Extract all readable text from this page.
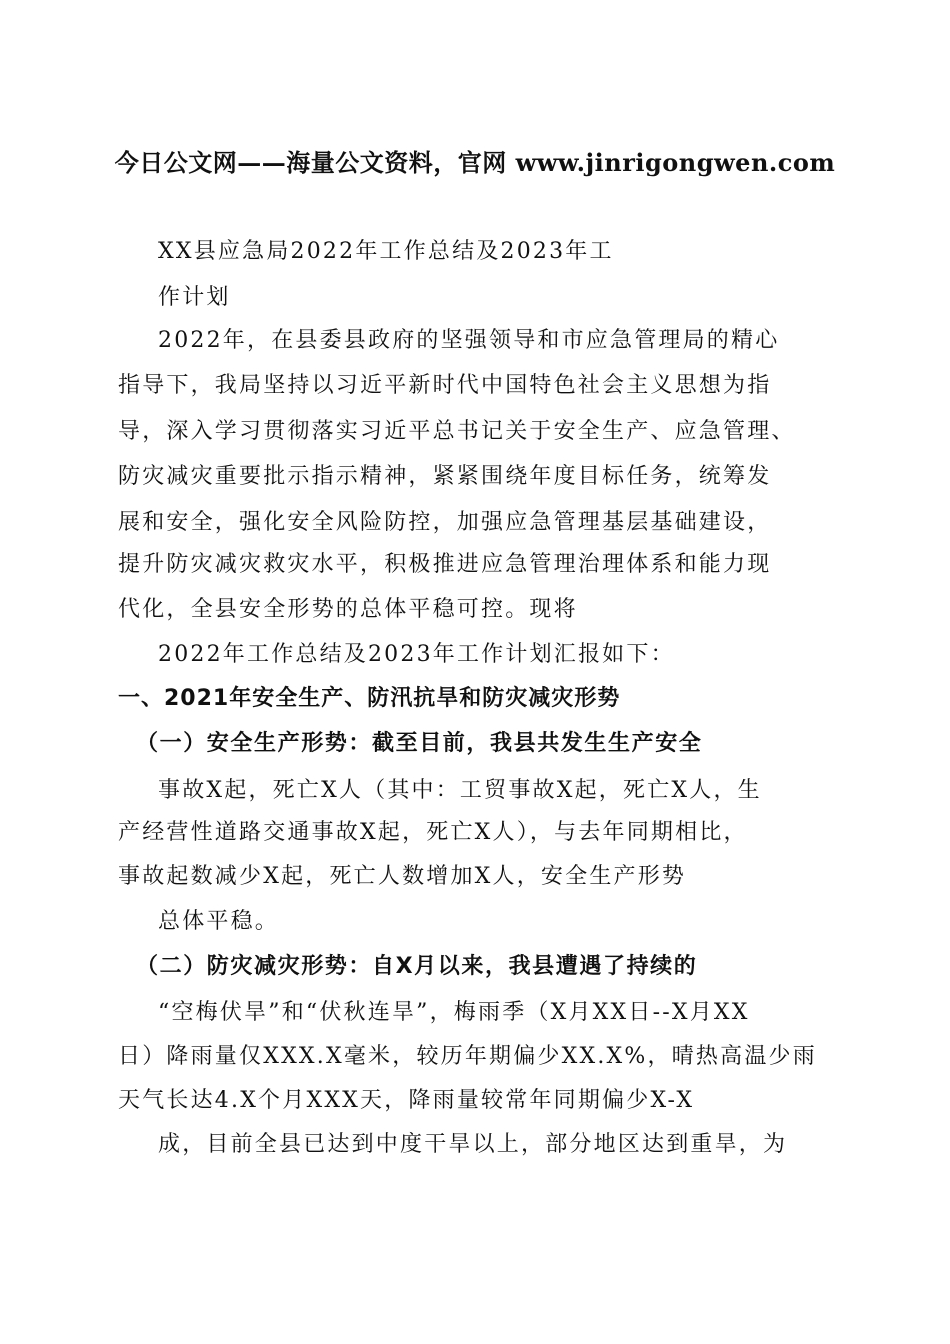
今日公文网——海量公文资料，官网 www.jinrigongwen.com
XX县应急局2022年工作总结及2023年工
作计划
2022年，在县委县政府的坚强领导和市应急管理局的精心
指导下，我局坚持以习近平新时代中国特色社会主义思想为指
导，深入学习贯彻落实习近平总书记关于安全生产、应急管理、
防灾减灾重要批示指示精神，紧紧围绕年度目标任务，统筹发
展和安全，强化安全风险防控，加强应急管理基层基础建设，
提升防灾减灾救灾水平，积极推进应急管理治理体系和能力现
代化，全县安全形势的总体平稳可控。现将
2022年工作总结及2023年工作计划汇报如下：
一、2021年安全生产、防汛抗旱和防灾减灾形势
（一）安全生产形势：截至目前，我县共发生生产安全
事故X起，死亡X人（其中：工贸事故X起，死亡X人，生
产经营性道路交通事故X起，死亡X人），与去年同期相比，
事故起数减少X起，死亡人数增加X人，安全生产形势
总体平稳。
（二）防灾减灾形势：自X月以来，我县遭遇了持续的
“空梅伏旱”和“伏秋连旱”，梅雨季（X月XX日--X月XX
日）降雨量仅XXX.X毫米，较历年期偏少XX.X%，晴热高温少雨
天气长达4.X个月XXX天，降雨量较常年同期偏少X-X
成，目前全县已达到中度干旱以上，部分地区达到重旱，为
